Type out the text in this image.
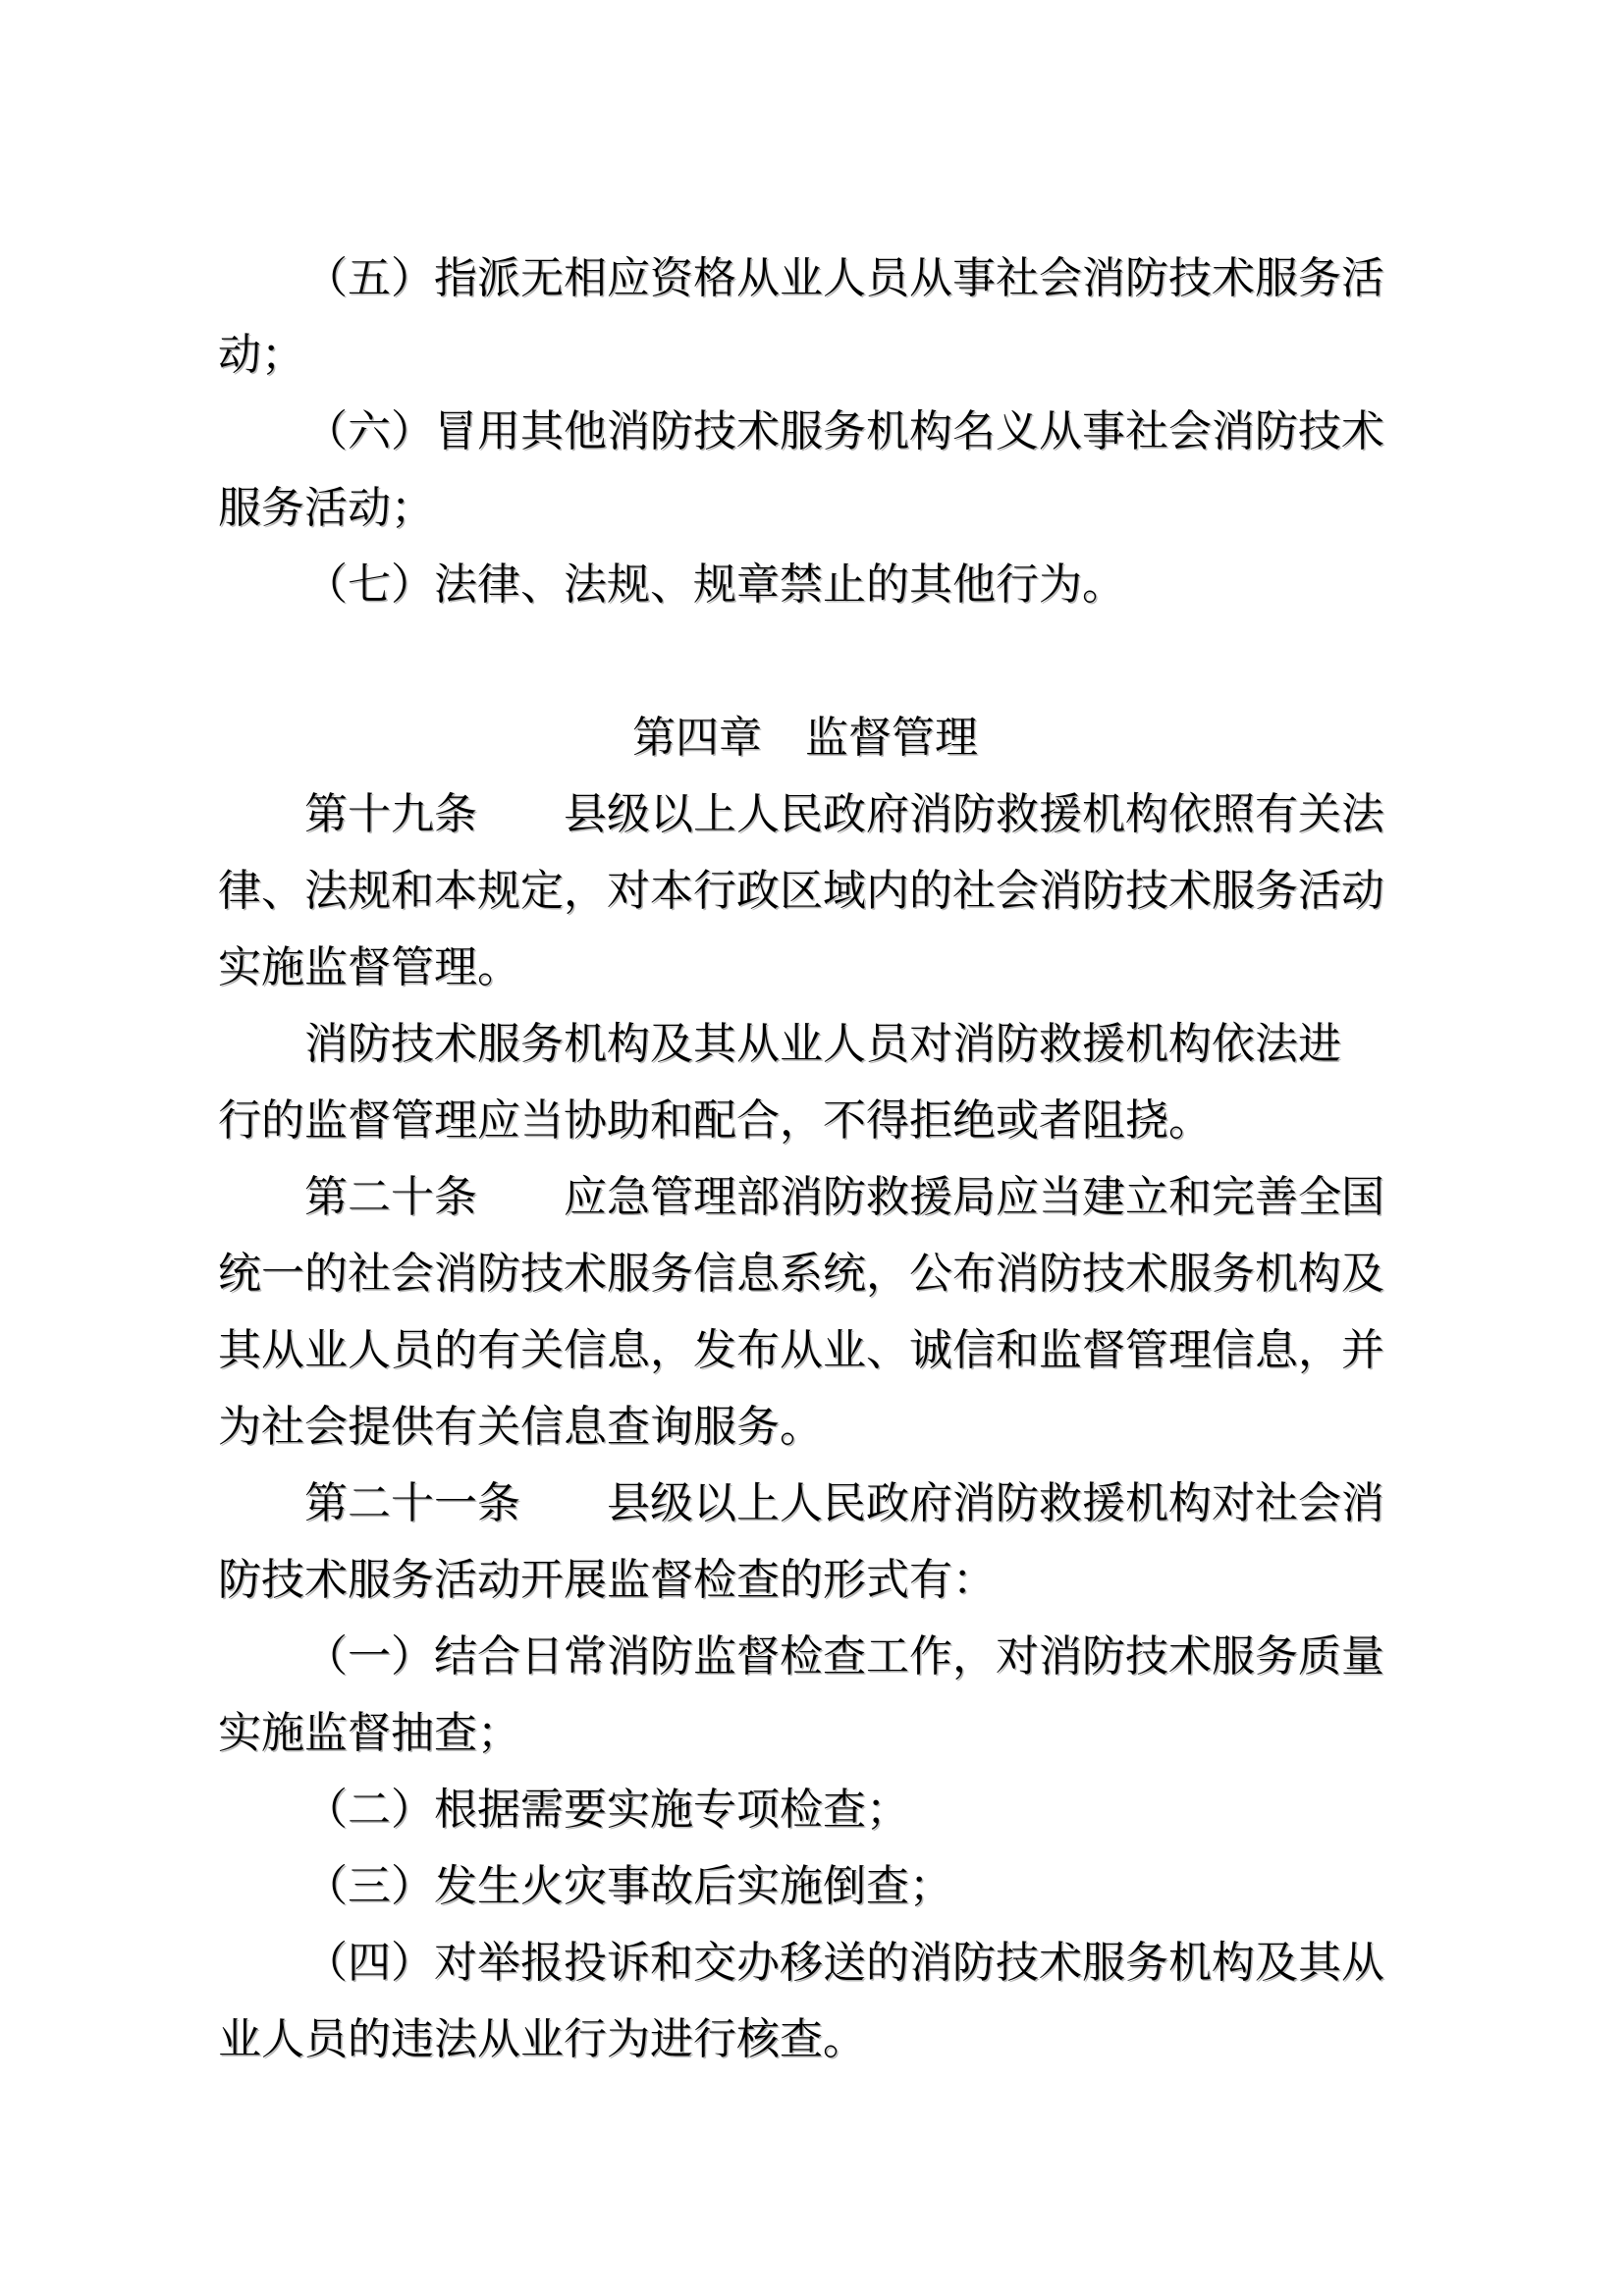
（五）指派无相应资格从业人员从事社会消防技术服务活
动；
（六）冒用其他消防技术服务机构名义从事社会消防技术
服务活动；
（七）法律、法规、规章禁止的其他行为。
第四章　监督管理
第十九条　　县级以上人民政府消防救援机构依照有关法
律、法规和本规定，对本行政区域内的社会消防技术服务活动
实施监督管理。
消防技术服务机构及其从业人员对消防救援机构依法进
行的监督管理应当协助和配合，不得拒绝或者阻挠。
第二十条　　应急管理部消防救援局应当建立和完善全国
统一的社会消防技术服务信息系统，公布消防技术服务机构及
其从业人员的有关信息，发布从业、诚信和监督管理信息，并
为社会提供有关信息查询服务。
第二十一条　　县级以上人民政府消防救援机构对社会消
防技术服务活动开展监督检查的形式有：
（一）结合日常消防监督检查工作，对消防技术服务质量
实施监督抽查；
（二）根据需要实施专项检查；
（三）发生火灾事故后实施倒查；
（四）对举报投诉和交办移送的消防技术服务机构及其从
业人员的违法从业行为进行核查。
